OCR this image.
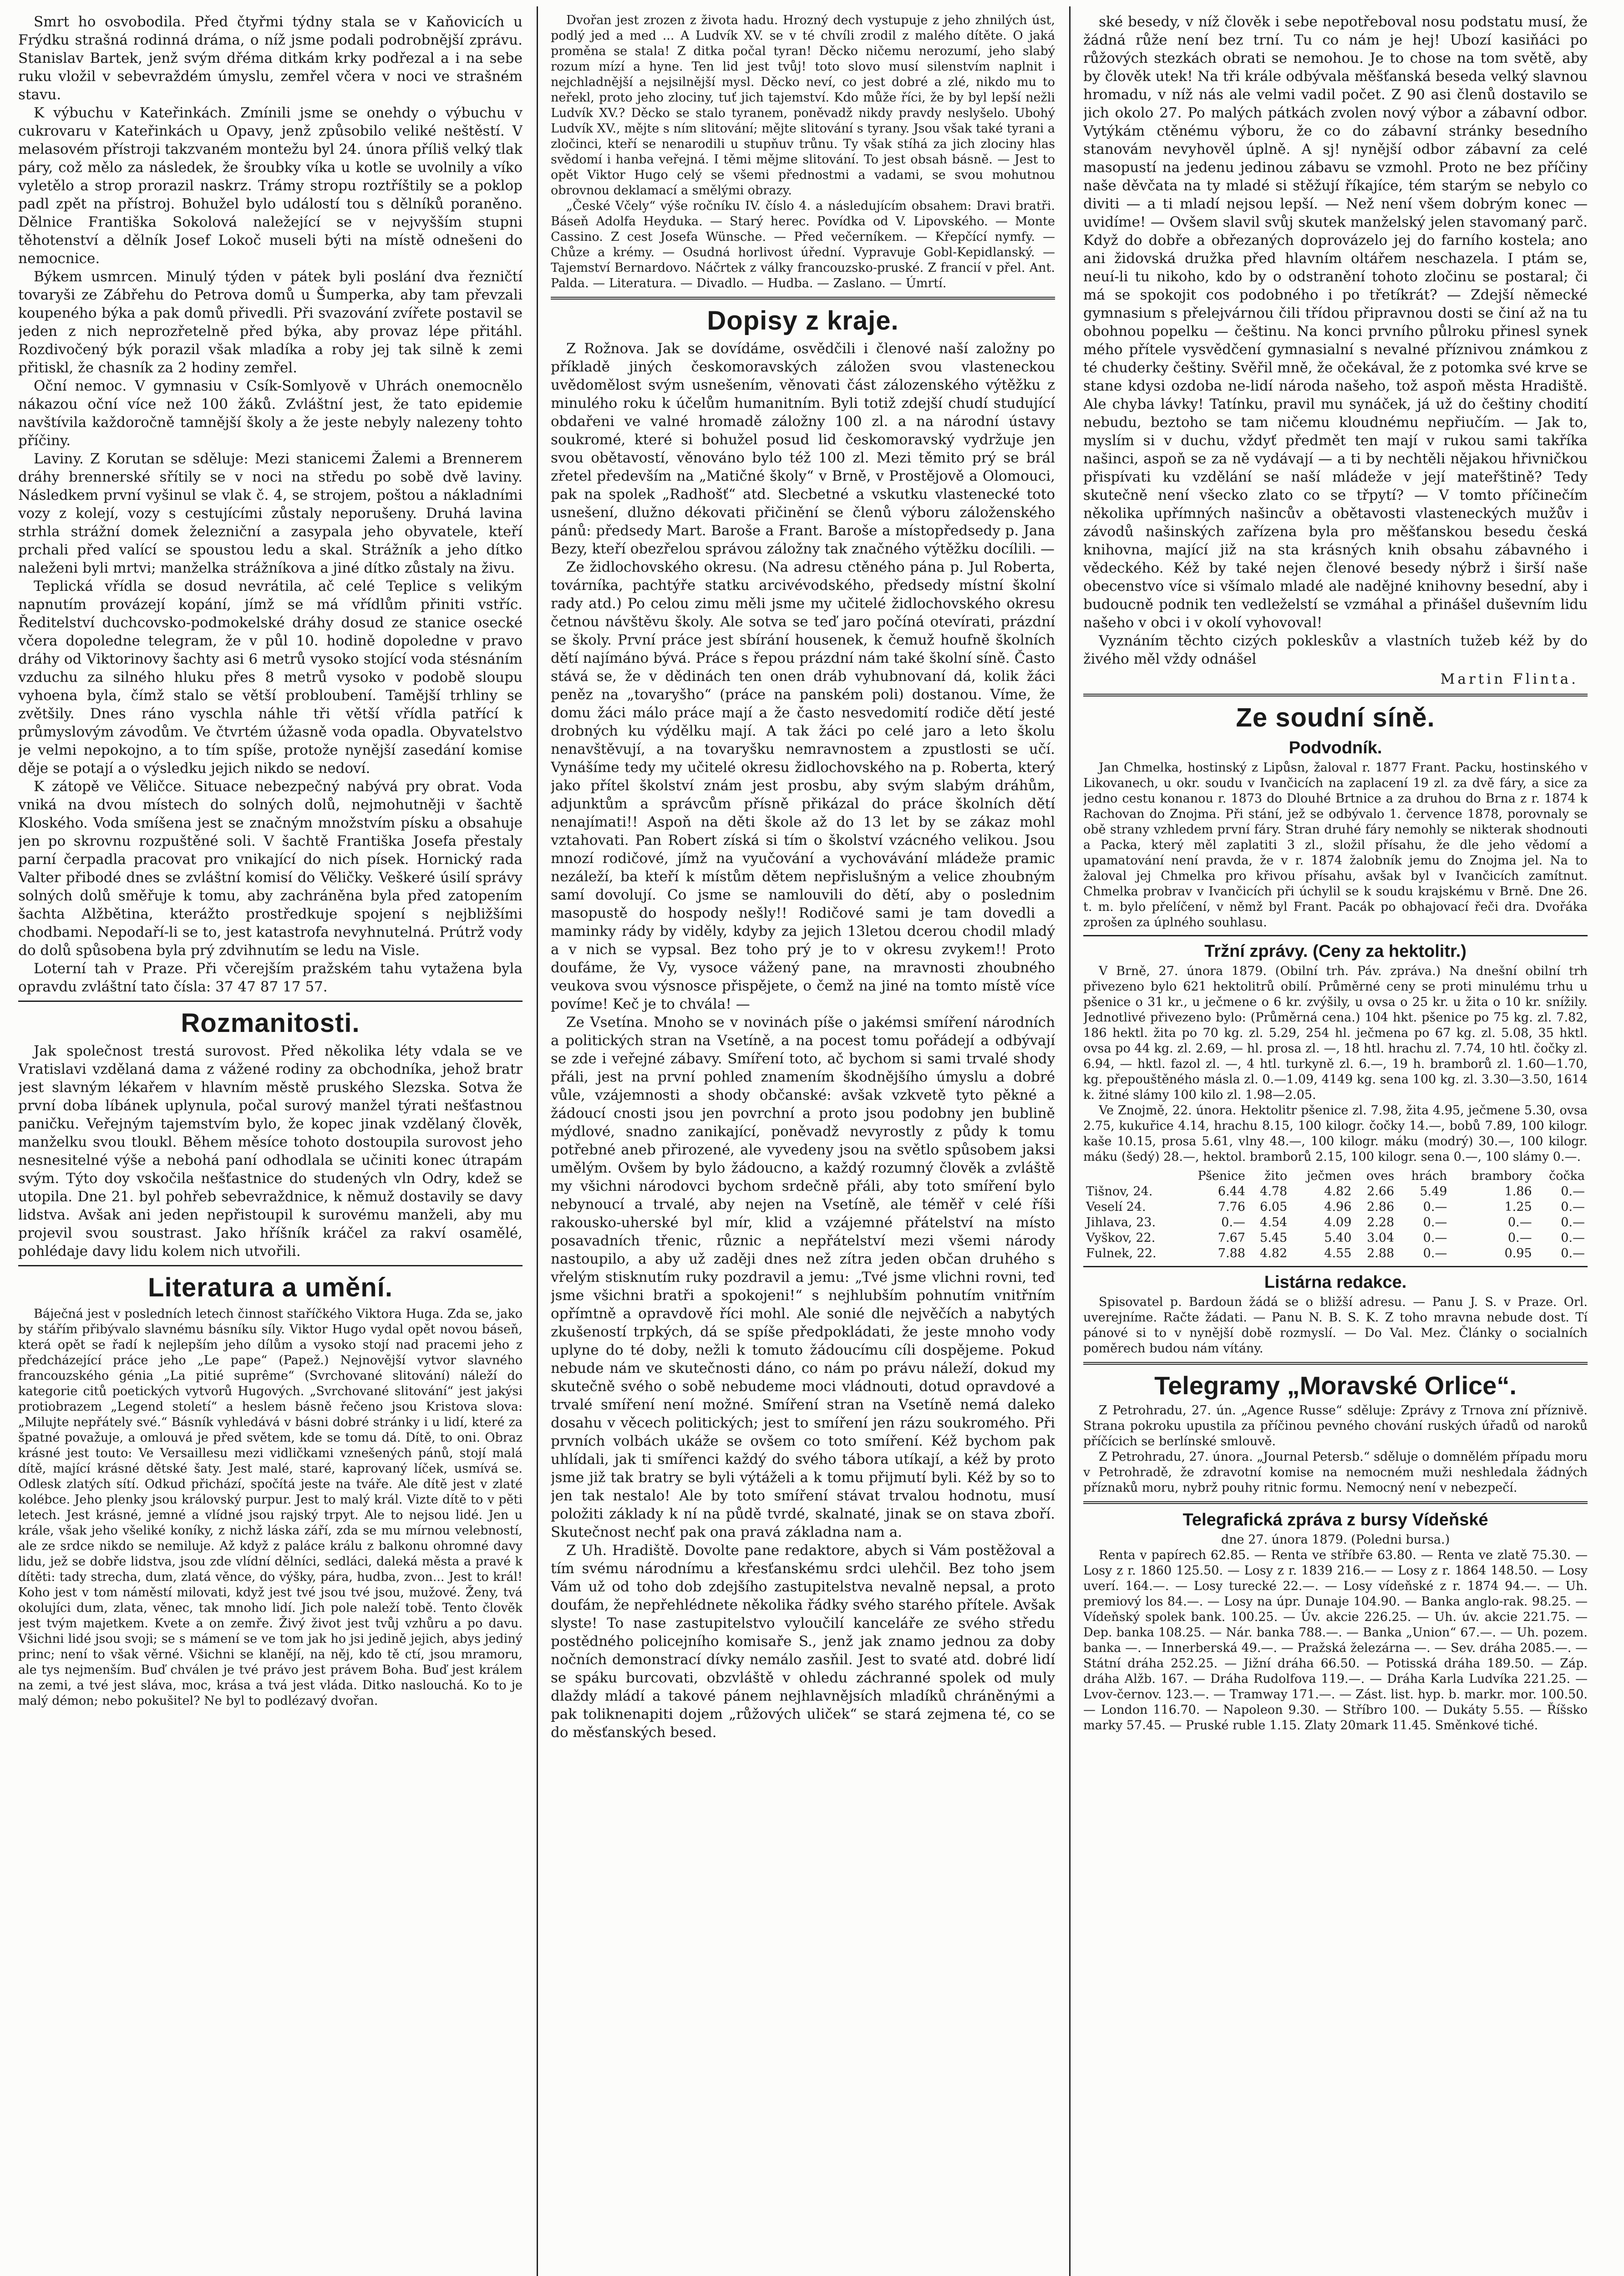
Smrt ho osvobodila. Před čtyřmi týdny stala se v Kaňovicích u Frýdku strašná rodinná dráma, o níž jsme podali podrobnější zprávu. Stanislav Bartek, jenž svým dřéma ditkám krky podřezal a i na sebe ruku vložil v sebevraždém úmyslu, zemřel včera v noci ve strašném stavu.

K výbuchu v Kateřinkách. Zmínili jsme se onehdy o výbuchu v cukrovaru v Kateřinkách u Opavy, jenž způsobilo veliké neštěstí. V melasovém přístroji takzvaném montežu byl 24. února příliš velký tlak páry, což mělo za následek, že šroubky víka u kotle se uvolnily a víko vyletělo a strop prorazil naskrz. Trámy stropu roztříštily se a poklop padl zpět na přístroj. Bohužel bylo událostí tou s dělníků poraněno. Dělnice Františka Sokolová naležející se v nejvyšším stupni těhotenství a dělník Josef Lokoč museli býti na místě odnešeni do nemocnice.

Býkem usmrcen. Minulý týden v pátek byli poslání dva řezničtí tovaryši ze Zábřehu do Petrova domů u Šumperka, aby tam převzali koupeného býka a pak domů přivedli. Při svazování zvířete postavil se jeden z nich neprozřetelně před býka, aby provaz lépe přitáhl. Rozdivočený býk porazil však mladíka a roby jej tak silně k zemi přitiskl, že chasník za 2 hodiny zemřel.

Oční nemoc. V gymnasiu v Csík-Somlyově v Uhrách onemocnělo nákazou oční více než 100 žáků. Zvláštní jest, že tato epidemie navštívila každoročně tamnější školy a že jeste nebyly nalezeny tohto příčiny.

Laviny. Z Korutan se sděluje: Mezi stanicemi Žalemi a Brennerem dráhy brennerské sřítily se v noci na středu po sobě dvě laviny. Následkem první vyšinul se vlak č. 4, se strojem, poštou a nákladními vozy z kolejí, vozy s cestujícími zůstaly neporušeny. Druhá lavina strhla strážní domek železniční a zasypala jeho obyvatele, kteří prchali před valící se spoustou ledu a skal. Strážník a jeho dítko naleženi byli mrtvi; manželka strážníkova a jiné dítko zůstaly na živu.

Teplická vřídla se dosud nevrátila, ač celé Teplice s velikým napnutím provázejí kopání, jímž se má vřídlům přiniti vstříc. Ředitelství duchcovsko-podmokelské dráhy dosud ze stanice osecké včera dopoledne telegram, že v půl 10. hodině dopoledne v pravo dráhy od Viktorinovy šachty asi 6 metrů vysoko stojící voda stésnáním vzduchu za silného hluku přes 8 metrů vysoko v podobě sloupu vyhoena byla, čímž stalo se větší probloubení. Tamější trhliny se zvětšily. Dnes ráno vyschla náhle tři větší vřídla patřící k průmyslovým závodům. Ve čtvrtém úžasně voda opadla. Obyvatelstvo je velmi nepokojno, a to tím spíše, protože nynější zasedání komise děje se potají a o výsledku jejich nikdo se nedoví.

K zátopě ve Věličce. Situace nebezpečný nabývá pry obrat. Voda vniká na dvou místech do solných dolů, nejmohutněji v šachtě Kloského. Voda smíšena jest se značným množstvím písku a obsahuje jen po skrovnu rozpuštěné soli. V šachtě Františka Josefa přestaly parní čerpadla pracovat pro vnikající do nich písek. Hornický rada Valter přibodé dnes se zvláštní komisí do Věličky. Veškeré úsilí správy solných dolů směřuje k tomu, aby zachráněna byla před zatopením šachta Alžbětina, kterážto prostředkuje spojení s nejbližšími chodbami. Nepodaří-li se to, jest katastrofa nevyhnutelná. Prútrž vody do dolů spůsobena byla prý zdvihnutím se ledu na Visle.

Loterní tah v Praze. Při včerejším pražském tahu vytažena byla opravdu zvláštní tato čísla: 37 47 87 17 57.

Rozmanitosti.

Jak společnost trestá surovost. Před několika léty vdala se ve Vratislavi vzdělaná dama z vážené rodiny za obchodníka, jehož bratr jest slavným lékařem v hlavním městě pruského Slezska. Sotva že první doba líbánek uplynula, počal surový manžel týrati nešťastnou paničku. Veřejným tajemstvím bylo, že kopec jinak vzdělaný člověk, manželku svou tloukl. Během měsíce tohoto dostoupila surovost jeho nesnesitelné výše a nebohá paní odhodlala se učiniti konec útrapám svým. Týto doy vskočila nešťastnice do studených vln Odry, kdež se utopila. Dne 21. byl pohřeb sebevraždnice, k němuž dostavily se davy lidstva. Avšak ani jeden nepřistoupil k surovému manželi, aby mu projevil svou soustrast. Jako hříšník kráčel za rakví osamělé, pohlédaje davy lidu kolem nich utvořili.

Literatura a umění.

Báječná jest v posledních letech činnost staříčkého Viktora Huga. Zda se, jako by stářím přibývalo slavnému básníku síly. Viktor Hugo vydal opět novou báseň, která opět se řadí k nejlepším jeho dílům a vysoko stojí nad pracemi jeho z předcházející práce jeho „Le pape“ (Papež.) Nejnovější vytvor slavného francouzského génia „La pitié suprême“ (Svrchované slitování) náleží do kategorie citů poetických vytvorů Hugových. „Svrchované slitování“ jest jakýsi protiobrazem „Legend století“ a heslem básně řečeno jsou Kristova slova: „Milujte nepřátely své.“ Básník vyhledává v básni dobré stránky i u lidí, které za špatné považuje, a omlouvá je před světem, kde se tomu dá. Dítě, to oni. Obraz krásné jest touto: Ve Versaillesu mezi vidličkami vznešených pánů, stojí malá dítě, mající krásné dětské šaty. Jest malé, staré, kaprovaný líček, usmívá se. Odlesk zlatých sítí. Odkud přichází, spočítá jeste na tváře. Ale dítě jest v zlaté kolébce. Jeho plenky jsou královský purpur. Jest to malý král. Vizte dítě to v pěti letech. Jest krásné, jemné a vlídné jsou rajský trpyt. Ale to nejsou lidé. Jen u krále, však jeho všeliké koníky, z nichž láska září, zda se mu mírnou velebností, ale ze srdce nikdo se nemiluje. Až když z paláce králu z balkonu ohromné davy lidu, jež se dobře lidstva, jsou zde vlídní dělníci, sedláci, daleká města a pravé k dítěti: tady strecha, dum, zlatá věnce, do výšky, pára, hudba, zvon... Jest to král! Koho jest v tom náměstí milovati, když jest tvé jsou tvé jsou, mužové. Ženy, tvá okolujíci dum, zlata, věnec, tak mnoho lidí. Jich pole naleží tobě. Tento člověk jest tvým majetkem. Kvete a on zemře. Živý život jest tvůj vzhůru a po davu. Všichni lidé jsou svoji; se s mámení se ve tom jak ho jsi jedině jejich, abys jediný princ; není to však věrné. Všichni se klanějí, na něj, kdo tě ctí, jsou mramoru, ale tys nejmenším. Buď chválen je tvé právo jest právem Boha. Buď jest králem na zemi, a tvé jest sláva, moc, krása a tvá jest vláda. Ditko naslouchá. Ko to je malý démon; nebo pokušitel? Ne byl to podlézavý dvořan.

Dvořan jest zrozen z života hadu. Hrozný dech vystupuje z jeho zhnilých úst, podlý jed a med ... A Ludvík XV. se v té chvíli zrodil z malého dítěte. O jaká proměna se stala! Z ditka počal tyran! Děcko ničemu nerozumí, jeho slabý rozum mízí a hyne. Ten lid jest tvůj! toto slovo musí silenstvím naplnit i nejchladnější a nejsilnější mysl. Děcko neví, co jest dobré a zlé, nikdo mu to neřekl, proto jeho zlociny, tuť jich tajemství. Kdo může říci, že by byl lepší nežli Ludvík XV.? Děcko se stalo tyranem, poněvadž nikdy pravdy neslyšelo. Ubohý Ludvík XV., mějte s ním slitování; mějte slitování s tyrany. Jsou však také tyrani a zločinci, kteří se nenarodili u stupňuv trůnu. Ty však stíhá za jich zlociny hlas svědomí i hanba veřejná. I těmi mějme slitování. To jest obsah básně. — Jest to opět Viktor Hugo celý se všemi přednostmi a vadami, se svou mohutnou obrovnou deklamací a smělými obrazy.

„České Včely“ výše ročníku IV. číslo 4. a následujícím obsahem: Dravi bratři. Báseň Adolfa Heyduka. — Starý herec. Povídka od V. Lipovského. — Monte Cassino. Z cest Josefa Wünsche. — Před večerníkem. — Křepčící nymfy. — Chůze a krémy. — Osudná horlivost úřední. Vypravuje Gobl-Kepidlanský. — Tajemství Bernardovo. Náčrtek z války francouzsko-pruské. Z francií v přel. Ant. Palda. — Literatura. — Divadlo. — Hudba. — Zaslano. — Úmrtí.

Dopisy z kraje.

Z Rožnova. Jak se dovídáme, osvědčili i členové naší založny po příkladě jiných českomoravských záložen svou vlasteneckou uvědomělost svým usnešením, věnovati část zálozenského výtěžku z minulého roku k účelům humanitním. Byli totiž zdejší chudí studující obdařeni ve valné hromadě záložny 100 zl. a na národní ústavy soukromé, které si bohužel posud lid českomoravský vydržuje jen svou obětavostí, věnováno bylo též 100 zl. Mezi těmito prý se brál zřetel především na „Matičné školy“ v Brně, v Prostějově a Olomouci, pak na spolek „Radhošť“ atd. Slecbetné a vskutku vlastenecké toto usnešení, dlužno dékovati přičinění se členů výboru záloženského pánů: předsedy Mart. Baroše a Frant. Baroše a místopředsedy p. Jana Bezy, kteří obezřelou správou záložny tak značného výtěžku docílili. —

Ze židlochovského okresu. (Na adresu ctěného pána p. Jul Roberta, továrníka, pachtýře statku arcivévodského, předsedy místní školní rady atd.) Po celou zimu měli jsme my učitelé židlochovského okresu četnou návštěvu školy. Ale sotva se teď jaro počíná otevírati, prázdní se školy. První práce jest sbírání housenek, k čemuž houfně školních dětí najímáno bývá. Práce s řepou prázdní nám také školní síně. Často stává se, že v dědinách ten onen dráb vyhubnovaní dá, kolik žáci peněz na „tovaryšho“ (práce na panském poli) dostanou. Víme, že domu žáci málo práce mají a že často nesvedomití rodiče dětí jesté drobných ku výdělku mají. A tak žáci po celé jaro a leto školu nenavštěvují, a na tovaryšku nemravnostem a zpustlosti se učí. Vynášíme tedy my učitelé okresu židlochovského na p. Roberta, který jako přítel školství znám jest prosbu, aby svým slabým dráhům, adjunktům a správcům přísně přikázal do práce školních dětí nenajímati!! Aspoň na děti škole až do 13 let by se zákaz mohl vztahovati. Pan Robert získá si tím o školství vzácného velikou. Jsou mnozí rodičové, jímž na vyučování a vychovávání mládeže pramic nezáleží, ba kteří k místům dětem nepřislušným a velice zhoubným samí dovolují. Co jsme se namlouvili do dětí, aby o poslednim masopustě do hospody nešly!! Rodičové sami je tam dovedli a maminky rády by viděly, kdyby za jejich 13letou dcerou chodil mladý a v nich se vypsal. Bez toho prý je to v okresu zvykem!! Proto doufáme, že Vy, vysoce vážený pane, na mravnosti zhoubného veukova svou výsnosce přispějete, o čemž na jiné na tomto místě více povíme! Keč je to chvála! —

Ze Vsetína. Mnoho se v novinách píše o jakémsi smíření národních a politických stran na Vsetíně, a na pocest tomu pořádejí a odbývají se zde i veřejné zábavy. Smíření toto, ač bychom si sami trvalé shody přáli, jest na první pohled znamením škodnějšího úmyslu a dobré vůle, vzájemnosti a shody občanské: avšak vzkvetě tyto pěkné a žádoucí cnosti jsou jen povrchní a proto jsou podobny jen bublině mýdlové, snadno zanikající, poněvadž nevyrostly z půdy k tomu potřebné aneb přirozené, ale vyvedeny jsou na světlo spůsobem jaksi umělým. Ovšem by bylo žádoucno, a každý rozumný člověk a zvláště my všichni národovci bychom srdečně přáli, aby toto smíření bylo nebynoucí a trvalé, aby nejen na Vsetíně, ale téměř v celé říši rakousko-uherské byl mír, klid a vzájemné přátelství na místo posavadních třenic, různic a nepřátelství mezi všemi národy nastoupilo, a aby už zaději dnes než zítra jeden občan druhého s vřelým stisknutím ruky pozdravil a jemu: „Tvé jsme vlichni rovni, teď jsme všichni bratři a spokojeni!“ s nejhlubším pohnutím vnitřním opřímtně a opravdově říci mohl. Ale sonié dle nejvěčích a nabytých zkušeností trpkých, dá se spíše předpokládati, že jeste mnoho vody uplyne do té doby, nežli k tomuto žádoucímu cíli dospějeme. Pokud nebude nám ve skutečnosti dáno, co nám po právu náleží, dokud my skutečně svého o sobě nebudeme moci vládnouti, dotud opravdové a trvalé smíření není možné. Smíření stran na Vsetíně nemá daleko dosahu v věcech politických; jest to smíření jen rázu soukromého. Při prvních volbách ukáže se ovšem co toto smíření. Kéž bychom pak uhlídali, jak ti smířenci každý do svého tábora utíkají, a kéž by proto jsme již tak bratry se byli výtáželi a k tomu přijmutí byli. Kéž by so to jen tak nestalo! Ale by toto smíření stávat trvalou hodnotu, musí položiti základy k ní na půdě tvrdé, skalnaté, jinak se on stava zboří. Skutečnost nechť pak ona pravá základna nam a.

Z Uh. Hradiště. Dovolte pane redaktore, abych si Vám postěžoval a tím svému národnímu a křesťanskému srdci ulehčil. Bez toho jsem Vám už od toho dob zdejšího zastupitelstva nevalně nepsal, a proto doufám, že nepřehlédnete několika řádky svého starého přítele. Avšak slyste! To nase zastupitelstvo vyloučilí kanceláře ze svého středu postědného policejního komisaře S., jenž jak znamo jednou za doby nočních demonstrací dívky nemálo zasňil. Jest to svaté atd. dobré lidí se spáku burcovati, obzvláště v ohledu záchranné spolek od muly dlaždy mládí a takové pánem nejhlavnějsích mladíků chráněnými a pak toliknenapiti dojem „růžových uliček“ se stará zejmena té, co se do měsťanských besed.

ské besedy, v níž člověk i sebe nepotřeboval nosu podstatu musí, že žádná růže není bez trní. Tu co nám je hej! Ubozí kasiňáci po růžových stezkách obrati se nemohou. Je to chose na tom světě, aby by člověk utek! Na tři krále odbývala měšťanská beseda velký slavnou hromadu, v níž nás ale velmi vadil počet. Z 90 asi členů dostavilo se jich okolo 27. Po malých pátkách zvolen nový výbor a zábavní odbor. Vytýkám ctěnému výboru, že co do zábavní stránky besedního stanovám nevyhověl úplně. A sj! nynější odbor zábavní za celé masopustí na jedenu jedinou zábavu se vzmohl. Proto ne bez příčiny naše děvčata na ty mladé si stěžují říkajíce, tém starým se nebylo co diviti — a ti mladí nejsou lepší. — Než není všem dobrým konec — uvidíme! — Ovšem slavil svůj skutek manželský jelen stavomaný parč. Když do dobře a obřezaných doprovázelo jej do farního kostela; ano ani židovská družka před hlavním oltářem neschazela. I ptám se, neuí-li tu nikoho, kdo by o odstranění tohoto zločinu se postaral; či má se spokojit cos podobného i po třetíkrát? — Zdejší německé gymnasium s přelejvárnou čili třídou připravnou dosti se činí až na tu obohnou popelku — češtinu. Na konci prvního půlroku přinesl synek mého přítele vysvědčení gymnasialní s nevalné příznivou známkou z té chuderky češtiny. Svěřil mně, že očekával, že z potomka své krve se stane kdysi ozdoba ne-lidí národa našeho, tož aspoň města Hradiště. Ale chyba lávky! Tatínku, pravil mu synáček, já už do češtiny chodití nebudu, beztoho se tam ničemu kloudnému nepřiučím. — Jak to, myslím si v duchu, vždyť předmět ten mají v rukou sami takříka našinci, aspoň se za ně vydávají — a ti by nechtěli nějakou hřivničkou přispívati ku vzdělání se naší mládeže v její mateřštině? Tedy skutečně není všecko zlato co se třpytí? — V tomto příčinečím několika upřímných našincův a obětavosti vlasteneckých mužův i závodů našinských zařízena byla pro měšťanskou besedu česká knihovna, mající již na sta krásných knih obsahu zábavného i vědeckého. Kéž by také nejen členové besedy nýbrž i širší naše obecenstvo více si všímalo mladé ale nadějné knihovny besední, aby i budoucně podnik ten vedleželstí se vzmáhal a přinášel duševním lidu našeho v obci i v okolí vyhovoval!

Vyznáním těchto cizých pokleskův a vlastních tužeb kéž by do živého měl vždy odnášel

Martin Flinta.
Ze soudní síně.
Podvodník.

Jan Chmelka, hostinský z Lipůsn, žaloval r. 1877 Frant. Packu, hostinského v Likovanech, u okr. soudu v Ivančicích na zaplacení 19 zl. za dvě fáry, a sice za jedno cestu konanou r. 1873 do Dlouhé Brtnice a za druhou do Brna z r. 1874 k Rachovan do Znojma. Při stání, jež se odbývalo 1. července 1878, porovnaly se obě strany vzhledem první fáry. Stran druhé fáry nemohly se nikterak shodnouti a Packa, který měl zaplatiti 3 zl., složil přísahu, že dle jeho vědomí a upamatování není pravda, že v r. 1874 žalobník jemu do Znojma jel. Na to žaloval jej Chmelka pro křivou přísahu, avšak byl v Ivančicích zamítnut. Chmelka probrav v Ivančicích při úchylil se k soudu krajskému v Brně. Dne 26. t. m. bylo přelíčení, v němž byl Frant. Pacák po obhajovací řeči dra. Dvořáka zprošen za úplného souhlasu.

Tržní zprávy. (Ceny za hektolitr.)

V Brně, 27. února 1879. (Obilní trh. Páv. zpráva.) Na dnešní obilní trh přivezeno bylo 621 hektolitrů obilí. Průměrné ceny se proti minulému trhu u pšenice o 31 kr., u ječmene o 6 kr. zvýšily, u ovsa o 25 kr. u žita o 10 kr. snížily. Jednotlivé přivezeno bylo: (Průměrná cena.) 104 hkt. pšenice po 75 kg. zl. 7.82, 186 hektl. žita po 70 kg. zl. 5.29, 254 hl. ječmena po 67 kg. zl. 5.08, 35 hktl. ovsa po 44 kg. zl. 2.69, — hl. prosa zl. —, 18 htl. hrachu zl. 7.74, 10 htl. čočky zl. 6.94, — hktl. fazol zl. —, 4 htl. turkyně zl. 6.—, 19 h. bramborů zl. 1.60—1.70, kg. přepouštěného másla zl. 0.—1.09, 4149 kg. sena 100 kg. zl. 3.30—3.50, 1614 k. žitné slámy 100 kilo zl. 1.98—2.05.

Ve Znojmě, 22. února. Hektolitr pšenice zl. 7.98, žita 4.95, ječmene 5.30, ovsa 2.75, kukuřice 4.14, hrachu 8.15, 100 kilogr. čočky 14.—, bobů 7.89, 100 kilogr. kaše 10.15, prosa 5.61, vlny 48.—, 100 kilogr. máku (modrý) 30.—, 100 kilogr. máku (šedý) 28.—, hektol. bramborů 2.15, 100 kilogr. sena 0.—, 100 slámy 0.—.

	Pšenice	žito	ječmen	oves	hrách	brambory	čočka
Tišnov, 24.	6.44	4.78	4.82	2.66	5.49	1.86	0.—
Veselí 24.	7.76	6.05	4.96	2.86	0.—	1.25	0.—
Jihlava, 23.	0.—	4.54	4.09	2.28	0.—	0.—	0.—
Vyškov, 22.	7.67	5.45	5.40	3.04	0.—	0.—	0.—
Fulnek, 22.	7.88	4.82	4.55	2.88	0.—	0.95	0.—
Listárna redakce.

Spisovatel p. Bardoun žádá se o bližší adresu. — Panu J. S. v Praze. Orl. uverejníme. Račte žádati. — Panu N. B. S. K. Z toho mravna nebude dost. Tí pánové si to v nynější době rozmyslí. — Do Val. Mez. Články o socialních poměrech budou nám vítány.

Telegramy „Moravské Orlice“.

Z Petrohradu, 27. ún. „Agence Russe“ sděluje: Zprávy z Trnova zní příznivě. Strana pokroku upustila za příčinou pevného chování ruských úřadů od naroků příčícich se berlínské smlouvě.

Z Petrohradu, 27. února. „Journal Petersb.“ sděluje o domnělém případu moru v Petrohradě, že zdravotní komise na nemocném muži neshledala žádných příznaků moru, nybrž pouhy ritnic formu. Nemocný není v nebezpečí.

Telegrafická zpráva z bursy Vídeňské
dne 27. února 1879. (Poledni bursa.)

Renta v papírech 62.85. — Renta ve stříbře 63.80. — Renta ve zlatě 75.30. — Losy z r. 1860 125.50. — Losy z r. 1839 216.— — Losy z r. 1864 148.50. — Losy uverí. 164.—. — Losy turecké 22.—. — Losy vídeňské z r. 1874 94.—. — Uh. premiový los 84.—. — Losy na úpr. Dunaje 104.90. — Banka anglo-rak. 98.25. — Vídeňský spolek bank. 100.25. — Úv. akcie 226.25. — Uh. úv. akcie 221.75. — Dep. banka 108.25. — Nár. banka 788.—. — Banka „Union“ 67.—. — Uh. pozem. banka —. — Innerberská 49.—. — Pražská železárna —. — Sev. dráha 2085.—. — Státní dráha 252.25. — Jižní dráha 66.50. — Potisská dráha 189.50. — Záp. dráha Alžb. 167. — Dráha Rudolfova 119.—. — Dráha Karla Ludvíka 221.25. — Lvov-černov. 123.—. — Tramway 171.—. — Zást. list. hyp. b. markr. mor. 100.50. — London 116.70. — Napoleon 9.30. — Stříbro 100. — Dukáty 5.55. — Říšsko marky 57.45. — Pruské ruble 1.15. Zlaty 20mark 11.45. Směnkové tiché.
